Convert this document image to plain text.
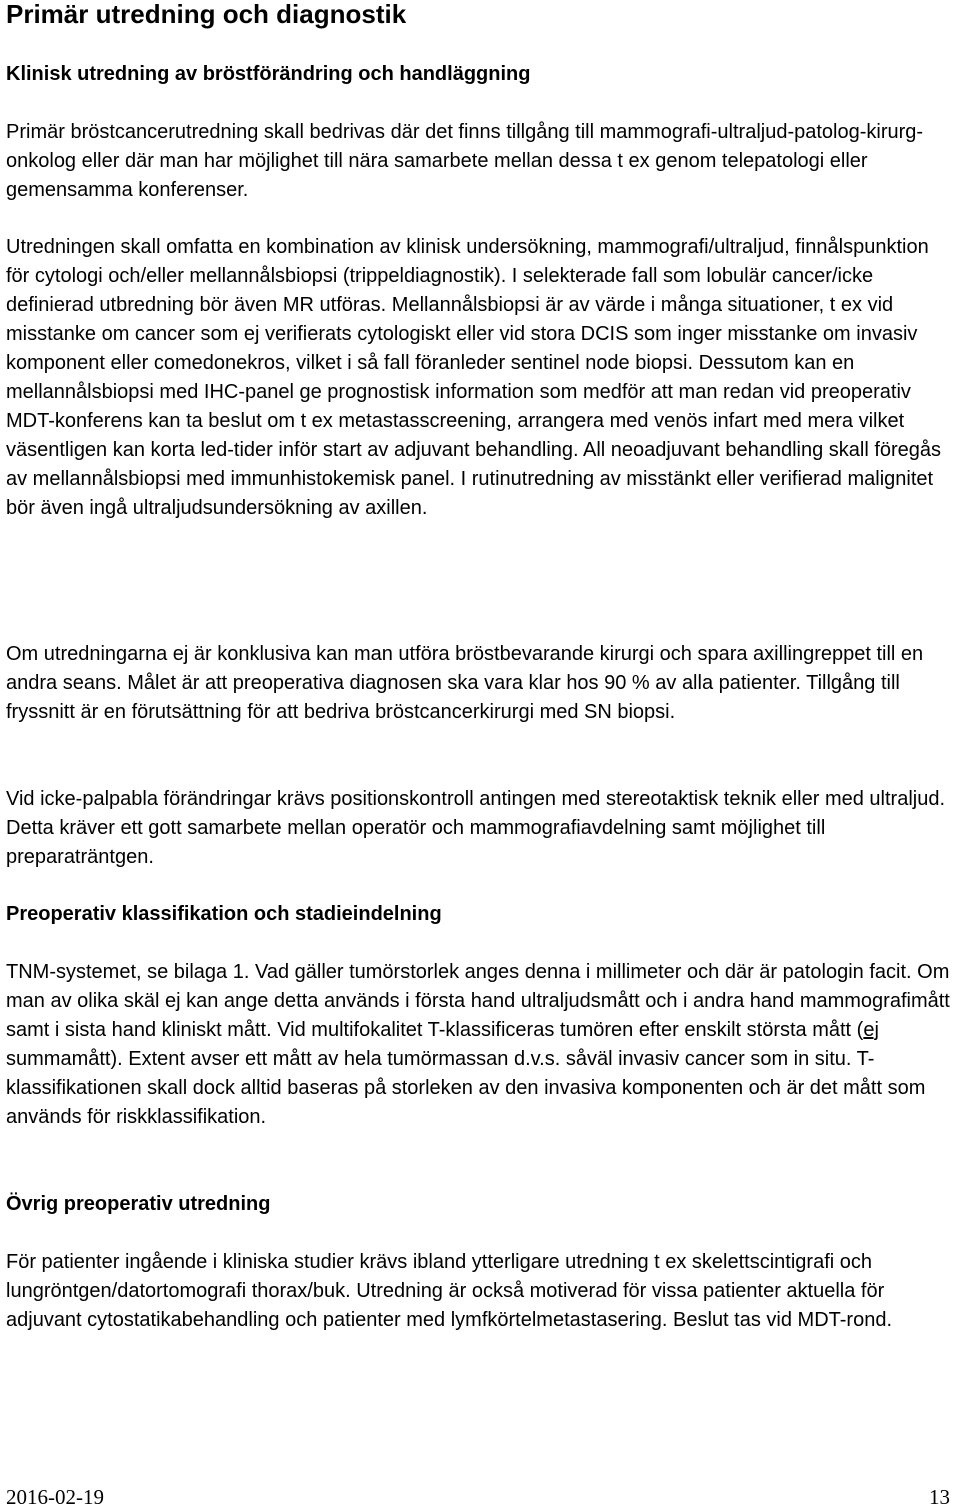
Primär utredning och diagnostik
Klinisk utredning av bröstförändring och handläggning

Primär bröstcancerutredning skall bedrivas där det finns tillgång till mammografi-ultraljud-patolog-kirurg-onkolog eller där man har möjlighet till nära samarbete mellan dessa t ex genom telepatologi eller gemensamma konferenser.

Utredningen skall omfatta en kombination av klinisk undersökning, mammografi/ultraljud, finnålspunktion för cytologi och/eller mellannålsbiopsi (trippeldiagnostik). I selekterade fall som lobulär cancer/icke definierad utbredning bör även MR utföras. Mellannålsbiopsi är av värde i många situationer, t ex vid misstanke om cancer som ej verifierats cytologiskt eller vid stora DCIS som inger misstanke om invasiv komponent eller comedonekros, vilket i så fall föranleder sentinel node biopsi. Dessutom kan en mellannålsbiopsi med IHC-panel ge prognostisk information som medför att man redan vid preoperativ MDT-konferens kan ta beslut om t ex metastasscreening, arrangera med venös infart med mera vilket väsentligen kan korta led-tider inför start av adjuvant behandling. All neoadjuvant behandling skall föregås av mellannålsbiopsi med immunhistokemisk panel. I rutinutredning av misstänkt eller verifierad malignitet bör även ingå ultraljudsundersökning av axillen.

Om utredningarna ej är konklusiva kan man utföra bröstbevarande kirurgi och spara axillingreppet till en andra seans. Målet är att preoperativa diagnosen ska vara klar hos 90 % av alla patienter. Tillgång till fryssnitt är en förutsättning för att bedriva bröstcancerkirurgi med SN biopsi.

Vid icke-palpabla förändringar krävs positionskontroll antingen med stereotaktisk teknik eller med ultraljud. Detta kräver ett gott samarbete mellan operatör och mammografiavdelning samt möjlighet till preparaträntgen.

Preoperativ klassifikation och stadieindelning

TNM-systemet, se bilaga 1. Vad gäller tumörstorlek anges denna i millimeter och där är patologin facit. Om man av olika skäl ej kan ange detta används i första hand ultraljudsmått och i andra hand mammografimått samt i sista hand kliniskt mått. Vid multifokalitet T-klassificeras tumören efter enskilt största mått (ej summamått). Extent avser ett mått av hela tumörmassan d.v.s. såväl invasiv cancer som in situ. T-klassifikationen skall dock alltid baseras på storleken av den invasiva komponenten och är det mått som används för riskklassifikation.

Övrig preoperativ utredning

För patienter ingående i kliniska studier krävs ibland ytterligare utredning t ex skelettscintigrafi och lungröntgen/datortomografi thorax/buk. Utredning är också motiverad för vissa patienter aktuella för adjuvant cytostatikabehandling och patienter med lymfkörtelmetastasering. Beslut tas vid MDT-rond.

2016-02-19	13
